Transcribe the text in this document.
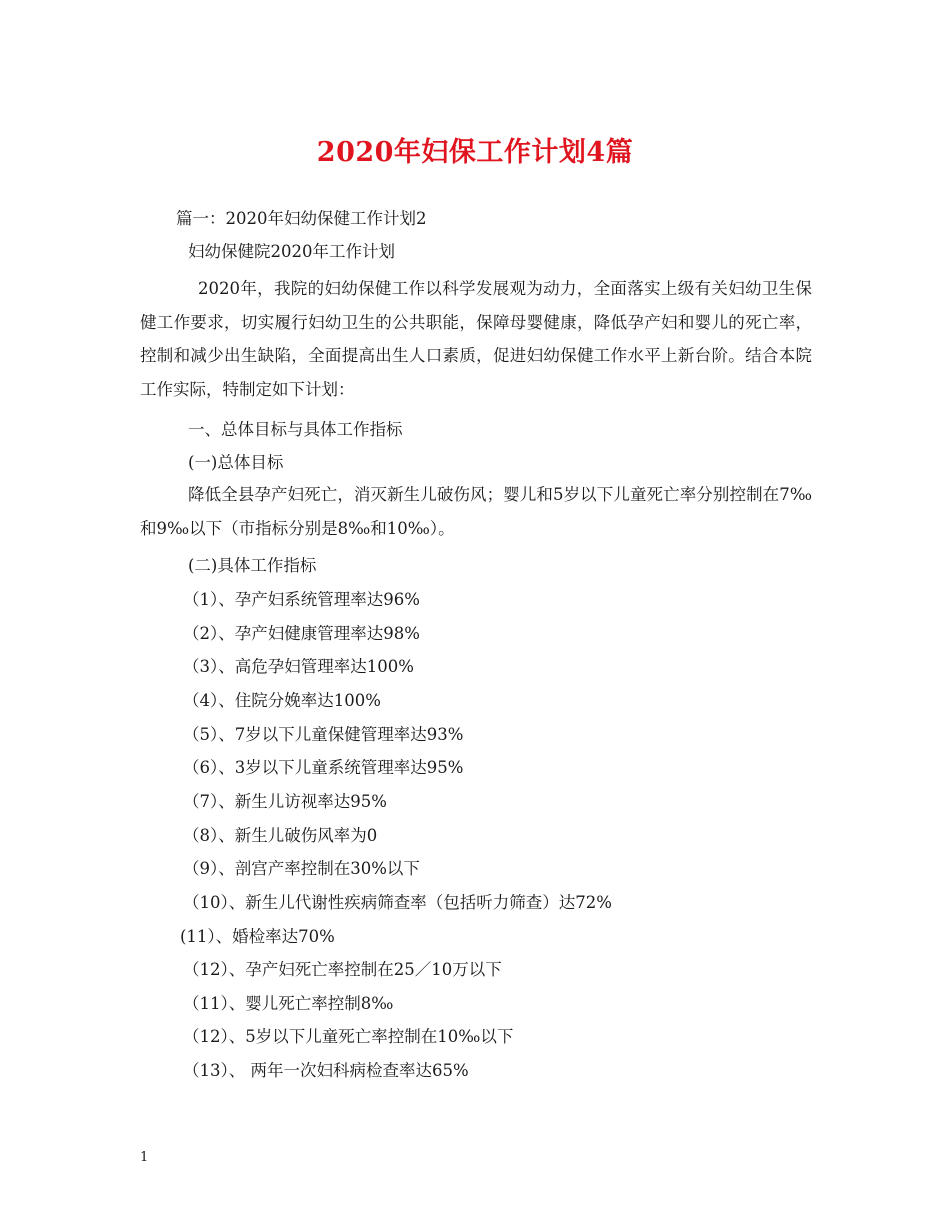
2020年妇保工作计划4篇
篇一：2020年妇幼保健工作计划2
妇幼保健院2020年工作计划
2020年，我院的妇幼保健工作以科学发展观为动力，全面落实上级有关妇幼卫生保健工作要求，切实履行妇幼卫生的公共职能，保障母婴健康，降低孕产妇和婴儿的死亡率，控制和减少出生缺陷，全面提高出生人口素质，促进妇幼保健工作水平上新台阶。结合本院工作实际，特制定如下计划：
一、总体目标与具体工作指标
(一)总体目标
降低全县孕产妇死亡，消灭新生儿破伤风；婴儿和5岁以下儿童死亡率分别控制在7‰和9‰以下（市指标分别是8‰和10‰）。
(二)具体工作指标
（1）、孕产妇系统管理率达96%
（2）、孕产妇健康管理率达98%
（3）、高危孕妇管理率达100%
（4）、住院分娩率达100%
（5）、7岁以下儿童保健管理率达93%
（6）、3岁以下儿童系统管理率达95%
（7）、新生儿访视率达95%
（8）、新生儿破伤风率为0
（9）、剖宫产率控制在30%以下
（10）、新生儿代谢性疾病筛查率（包括听力筛查）达72%
(11）、婚检率达70%
（12）、孕产妇死亡率控制在25／10万以下
（11）、婴儿死亡率控制8‰
（12）、5岁以下儿童死亡率控制在10‰以下
（13）、 两年一次妇科病检查率达65%
1
